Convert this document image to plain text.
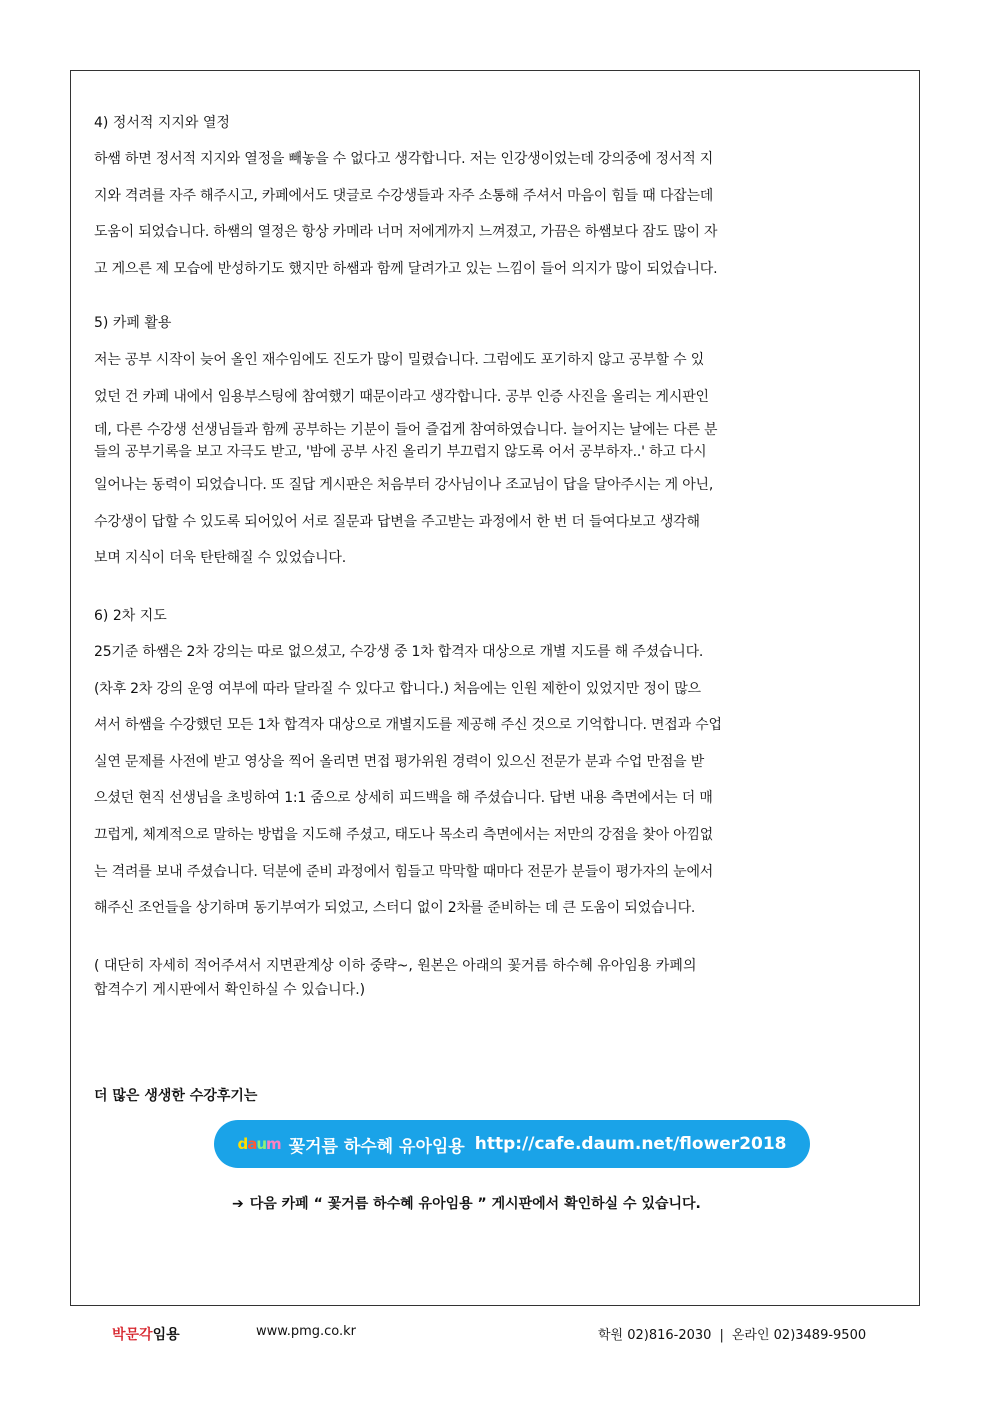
4) 정서적 지지와 열정

하쌤 하면 정서적 지지와 열정을 빼놓을 수 없다고 생각합니다. 저는 인강생이었는데 강의중에 정서적 지

지와 격려를 자주 해주시고, 카페에서도 댓글로 수강생들과 자주 소통해 주셔서 마음이 힘들 때 다잡는데

도움이 되었습니다. 하쌤의 열정은 항상 카메라 너머 저에게까지 느껴졌고, 가끔은 하쌤보다 잠도 많이 자

고 게으른 제 모습에 반성하기도 했지만 하쌤과 함께 달려가고 있는 느낌이 들어 의지가 많이 되었습니다.

5) 카페 활용

저는 공부 시작이 늦어 올인 재수임에도 진도가 많이 밀렸습니다. 그럼에도 포기하지 않고 공부할 수 있

었던 건 카페 내에서 임용부스팅에 참여했기 때문이라고 생각합니다. 공부 인증 사진을 올리는 게시판인

데, 다른 수강생 선생님들과 함께 공부하는 기분이 들어 즐겁게 참여하였습니다. 늘어지는 날에는 다른 분

들의 공부기록을 보고 자극도 받고, '밤에 공부 사진 올리기 부끄럽지 않도록 어서 공부하자..' 하고 다시

일어나는 동력이 되었습니다. 또 질답 게시판은 처음부터 강사님이나 조교님이 답을 달아주시는 게 아닌,

수강생이 답할 수 있도록 되어있어 서로 질문과 답변을 주고받는 과정에서 한 번 더 들여다보고 생각해

보며 지식이 더욱 탄탄해질 수 있었습니다.

6) 2차 지도

25기준 하쌤은 2차 강의는 따로 없으셨고, 수강생 중 1차 합격자 대상으로 개별 지도를 해 주셨습니다.

(차후 2차 강의 운영 여부에 따라 달라질 수 있다고 합니다.) 처음에는 인원 제한이 있었지만 정이 많으

셔서 하쌤을 수강했던 모든 1차 합격자 대상으로 개별지도를 제공해 주신 것으로 기억합니다. 면접과 수업

실연 문제를 사전에 받고 영상을 찍어 올리면 면접 평가위원 경력이 있으신 전문가 분과 수업 만점을 받

으셨던 현직 선생님을 초빙하여 1:1 줌으로 상세히 피드백을 해 주셨습니다. 답변 내용 측면에서는 더 매

끄럽게, 체계적으로 말하는 방법을 지도해 주셨고, 태도나 목소리 측면에서는 저만의 강점을 찾아 아낌없

는 격려를 보내 주셨습니다. 덕분에 준비 과정에서 힘들고 막막할 때마다 전문가 분들이 평가자의 눈에서

해주신 조언들을 상기하며 동기부여가 되었고, 스터디 없이 2차를 준비하는 데 큰 도움이 되었습니다.

( 대단히 자세히 적어주셔서 지면관계상 이하 중략~, 원본은 아래의 꽃거름 하수혜 유아임용 카페의

합격수기 게시판에서 확인하실 수 있습니다.)

더 많은 생생한 수강후기는
daum 꽃거름 하수혜 유아임용 http://cafe.daum.net/flower2018
➔ 다음 카페 “ 꽃거름 하수혜 유아임용 ” 게시판에서 확인하실 수 있습니다.
박문각임용	www.pmg.co.kr	학원 02)816-2030 | 온라인 02)3489-9500
